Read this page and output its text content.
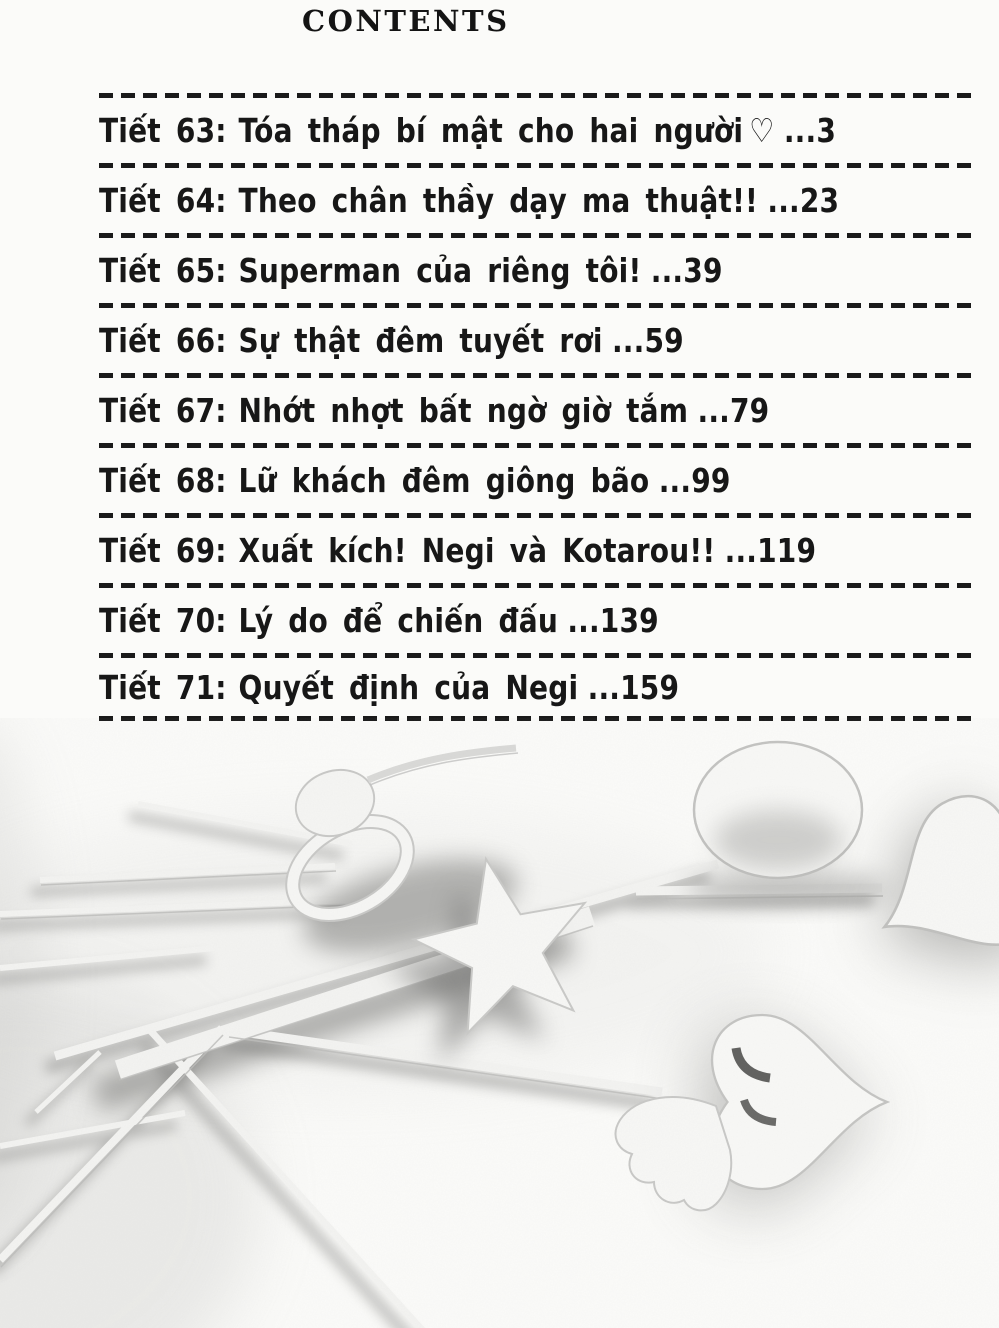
CONTENTS
Tiết 63: Tóa tháp bí mật cho hai người ♡ ...3
Tiết 64: Theo chân thầy dạy ma thuật!! ...23
Tiết 65: Superman của riêng tôi! ...39
Tiết 66: Sự thật đêm tuyết rơi ...59
Tiết 67: Nhớt nhợt bất ngờ giờ tắm ...79
Tiết 68: Lữ khách đêm giông bão ...99
Tiết 69: Xuất kích! Negi và Kotarou!! ...119
Tiết 70: Lý do để chiến đấu ...139
Tiết 71: Quyết định của Negi ...159
